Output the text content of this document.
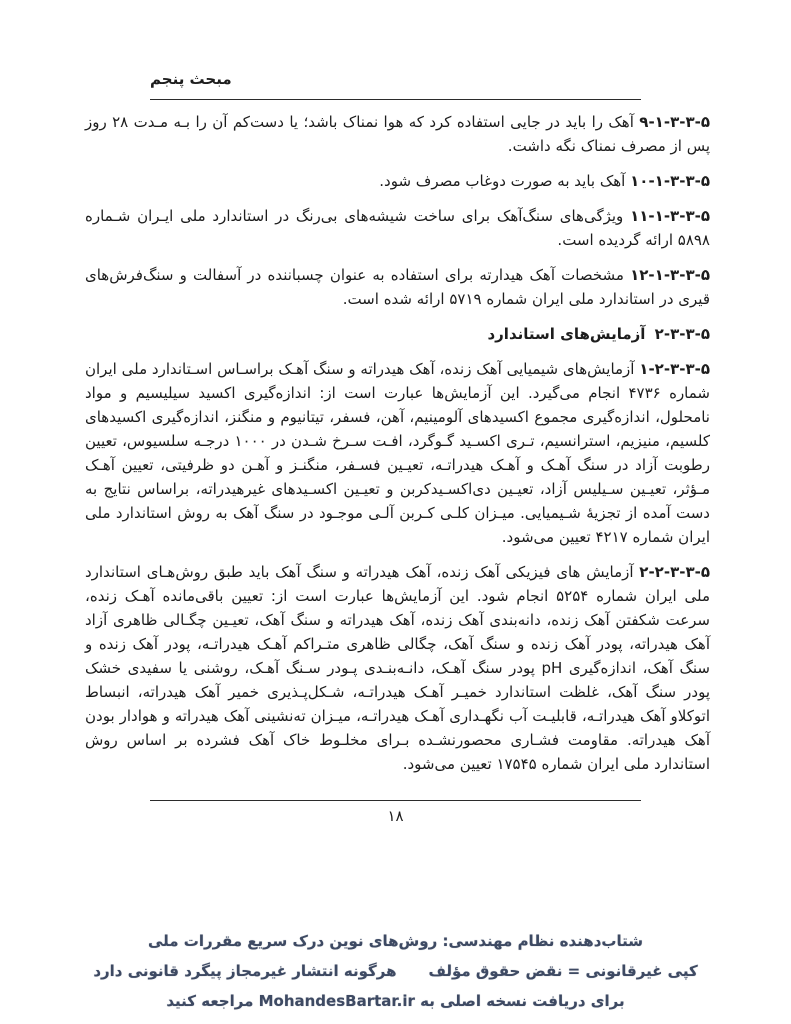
مبحث پنجم

۵‐۳‐۳‐۱‐۹ آهک را باید در جایی استفاده کرد که هوا نمناک باشد؛ یا دست‌کم آن را بـه مـدت ۲۸ روز پس از مصرف نمناک نگه داشت.

۵‐۳‐۳‐۱‐۱۰ آهک باید به صورت دوغاب مصرف شود.

۵‐۳‐۳‐۱‐۱۱ ویژگی‌های سنگ‌آهک برای ساخت شیشه‌های بی‌رنگ در استاندارد ملی ایـران شـماره ۵۸۹۸ ارائه گردیده است.

۵‐۳‐۳‐۱‐۱۲ مشخصات آهک هیدارته برای استفاده به عنوان چسباننده در آسفالت و سنگ‌فرش‌های قیری در استاندارد ملی ایران شماره ۵۷۱۹ ارائه شده است.

۵‐۳‐۳‐۲ آزمایش‌های استاندارد

۵‐۳‐۳‐۲‐۱ آزمایش‌های شیمیایی آهک زنده، آهک هیدراته و سنگ آهـک براسـاس اسـتاندارد ملی ایران شماره ۴۷۳۶ انجام می‌گیرد. این آزمایش‌ها عبارت است از: اندازه‌گیری اکسید سیلیسیم و مواد نامحلول، اندازه‌گیری مجموع اکسیدهای آلومینیم، آهن، فسفر، تیتانیوم و منگنز، اندازه‌گیری اکسیدهای کلسیم، منیزیم، استرانسیم، تـری اکسـید گـوگرد، افـت سـرخ شـدن در ۱۰۰۰ درجـه سلسیوس، تعیین رطوبت آزاد در سنگ آهـک و آهـک هیدراتـه، تعیـین فسـفر، منگنـز و آهـن دو ظرفیتی، تعیین آهـک مـؤثر، تعیـین سـیلیس آزاد، تعیـین دی‌اکسـیدکربن و تعیـین اکسـیدهای غیرهیدراته، براساس نتایج به دست آمده از تجزیهٔ شـیمیایی. میـزان کلـی کـربن آلـی موجـود در سنگ آهک به روش استاندارد ملی ایران شماره ۴۲۱۷ تعیین می‌شود.

۵‐۳‐۳‐۲‐۲ آزمایش های فیزیکی آهک زنده، آهک هیدراته و سنگ آهک باید طبق روش‌هـای استاندارد ملی ایران شماره ۵۲۵۴ انجام شود. این آزمایش‌ها عبارت است از: تعیین باقی‌مانده آهـک زنده، سرعت شکفتن آهک زنده، دانه‌بندی آهک زنده، آهک هیدراته و سنگ آهک، تعیـین چگـالی ظاهری آزاد آهک هیدراته، پودر آهک زنده و سنگ آهک، چگالی ظاهری متـراکم آهـک هیدراتـه، پودر آهک زنده و سنگ آهک، اندازه‌گیری pH پودر سنگ آهـک، دانـه‌بنـدی پـودر سـنگ آهـک، روشنی یا سفیدی خشک پودر سنگ آهک، غلظت استاندارد خمیـر آهـک هیدراتـه، شـکل‌پـذیری خمیر آهک هیدراته، انبساط اتوکلاو آهک هیدراتـه، قابلیـت آب نگهـداری آهـک هیدراتـه، میـزان ته‌نشینی آهک هیدراته و هوادار بودن آهک هیدراته. مقاومت فشـاری محصورنشـده بـرای مخلـوط خاک آهک فشرده بر اساس روش استاندارد ملی ایران شماره ۱۷۵۴۵ تعیین می‌شود.

۱۸
شتاب‌دهنده نظام مهندسی: روش‌های نوین درک سریع مقررات ملی
کپی غیرقانونی = نقض حقوق مؤلفهرگونه انتشار غیرمجاز پیگرد قانونی دارد
برای دریافت نسخه اصلی به MohandesBartar.ir مراجعه کنید
